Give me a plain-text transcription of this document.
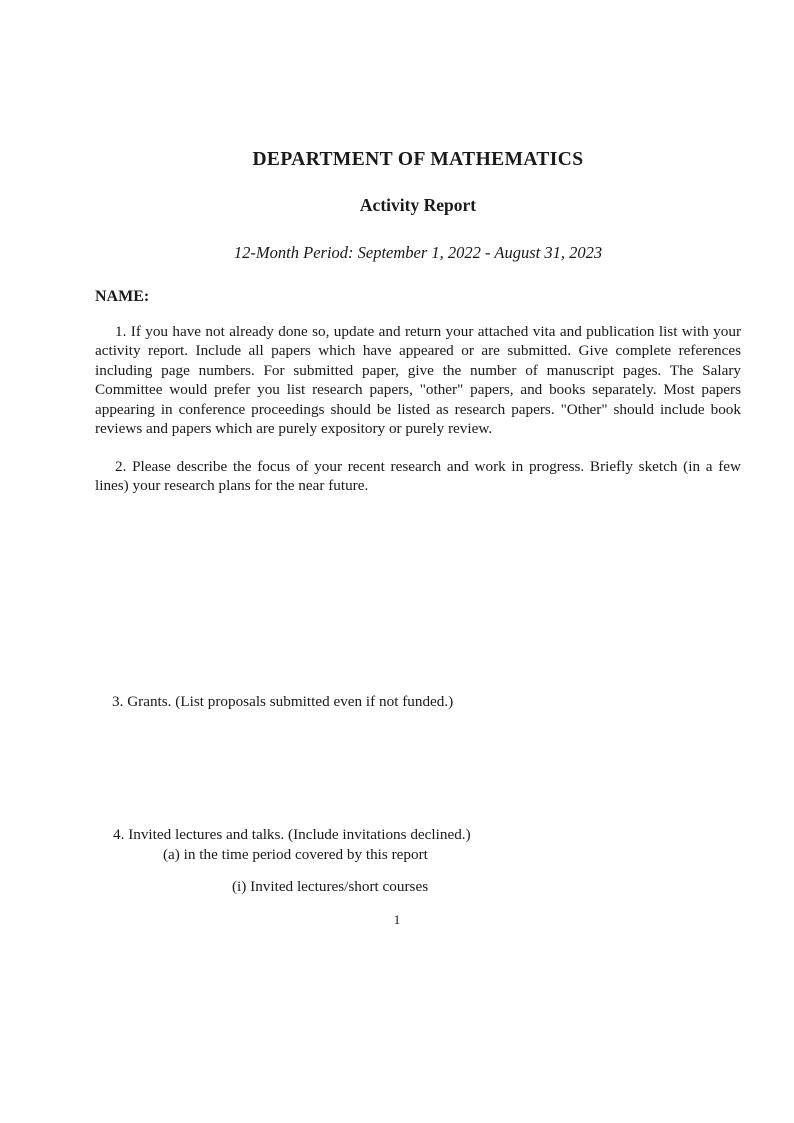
DEPARTMENT OF MATHEMATICS
Activity Report

12-Month Period: September 1, 2022 - August 31, 2023

NAME:

1. If you have not already done so, update and return your attached vita and publication list with your activity report. Include all papers which have appeared or are submitted. Give complete references including page numbers. For submitted paper, give the number of manuscript pages. The Salary Committee would prefer you list research papers, "other" papers, and books separately. Most papers appearing in conference proceedings should be listed as research papers. "Other" should include book reviews and papers which are purely expository or purely review.

2. Please describe the focus of your recent research and work in progress. Briefly sketch (in a few lines) your research plans for the near future.

3. Grants. (List proposals submitted even if not funded.)
4. Invited lectures and talks. (Include invitations declined.)
(a) in the time period covered by this report
(i) Invited lectures/short courses
1
